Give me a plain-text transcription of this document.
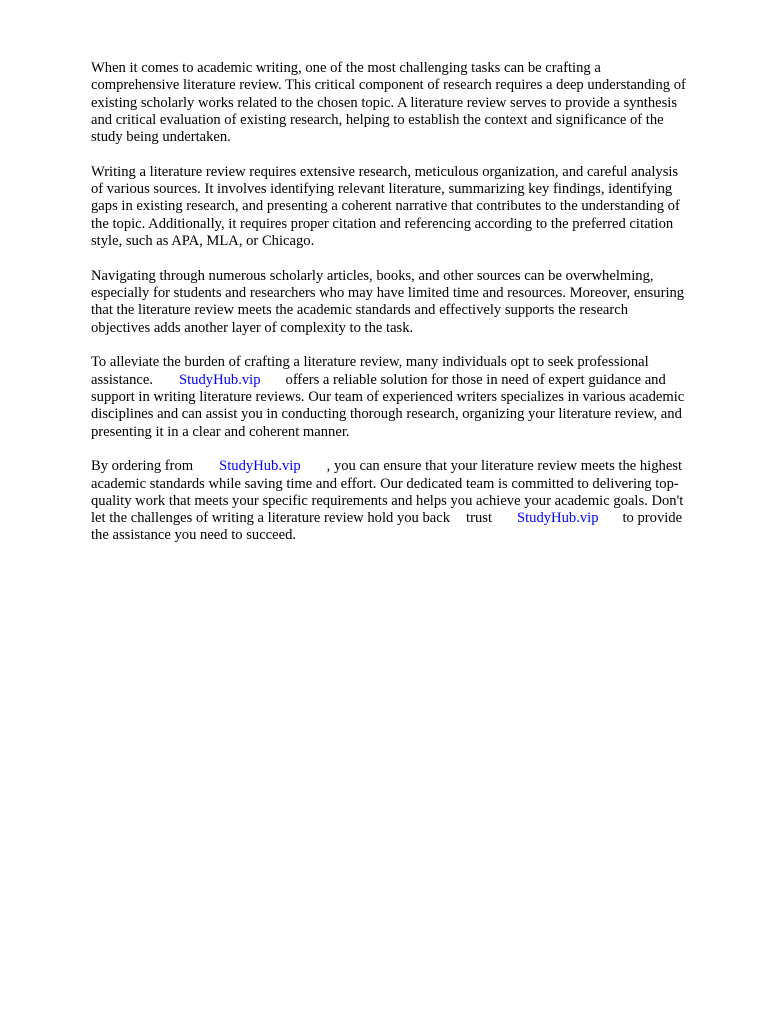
When it comes to academic writing, one of the most challenging tasks can be crafting a
comprehensive literature review. This critical component of research requires a deep understanding of
existing scholarly works related to the chosen topic. A literature review serves to provide a synthesis
and critical evaluation of existing research, helping to establish the context and significance of the
study being undertaken.

Writing a literature review requires extensive research, meticulous organization, and careful analysis
of various sources. It involves identifying relevant literature, summarizing key findings, identifying
gaps in existing research, and presenting a coherent narrative that contributes to the understanding of
the topic. Additionally, it requires proper citation and referencing according to the preferred citation
style, such as APA, MLA, or Chicago.

Navigating through numerous scholarly articles, books, and other sources can be overwhelming,
especially for students and researchers who may have limited time and resources. Moreover, ensuring
that the literature review meets the academic standards and effectively supports the research
objectives adds another layer of complexity to the task.

To alleviate the burden of crafting a literature review, many individuals opt to seek professional
assistance. StudyHub.vip offers a reliable solution for those in need of expert guidance and
support in writing literature reviews. Our team of experienced writers specializes in various academic
disciplines and can assist you in conducting thorough research, organizing your literature review, and
presenting it in a clear and coherent manner.

By ordering from StudyHub.vip , you can ensure that your literature review meets the highest
academic standards while saving time and effort. Our dedicated team is committed to delivering top-
quality work that meets your specific requirements and helps you achieve your academic goals. Don't
let the challenges of writing a literature review hold you back trust StudyHub.vip to provide
the assistance you need to succeed.
